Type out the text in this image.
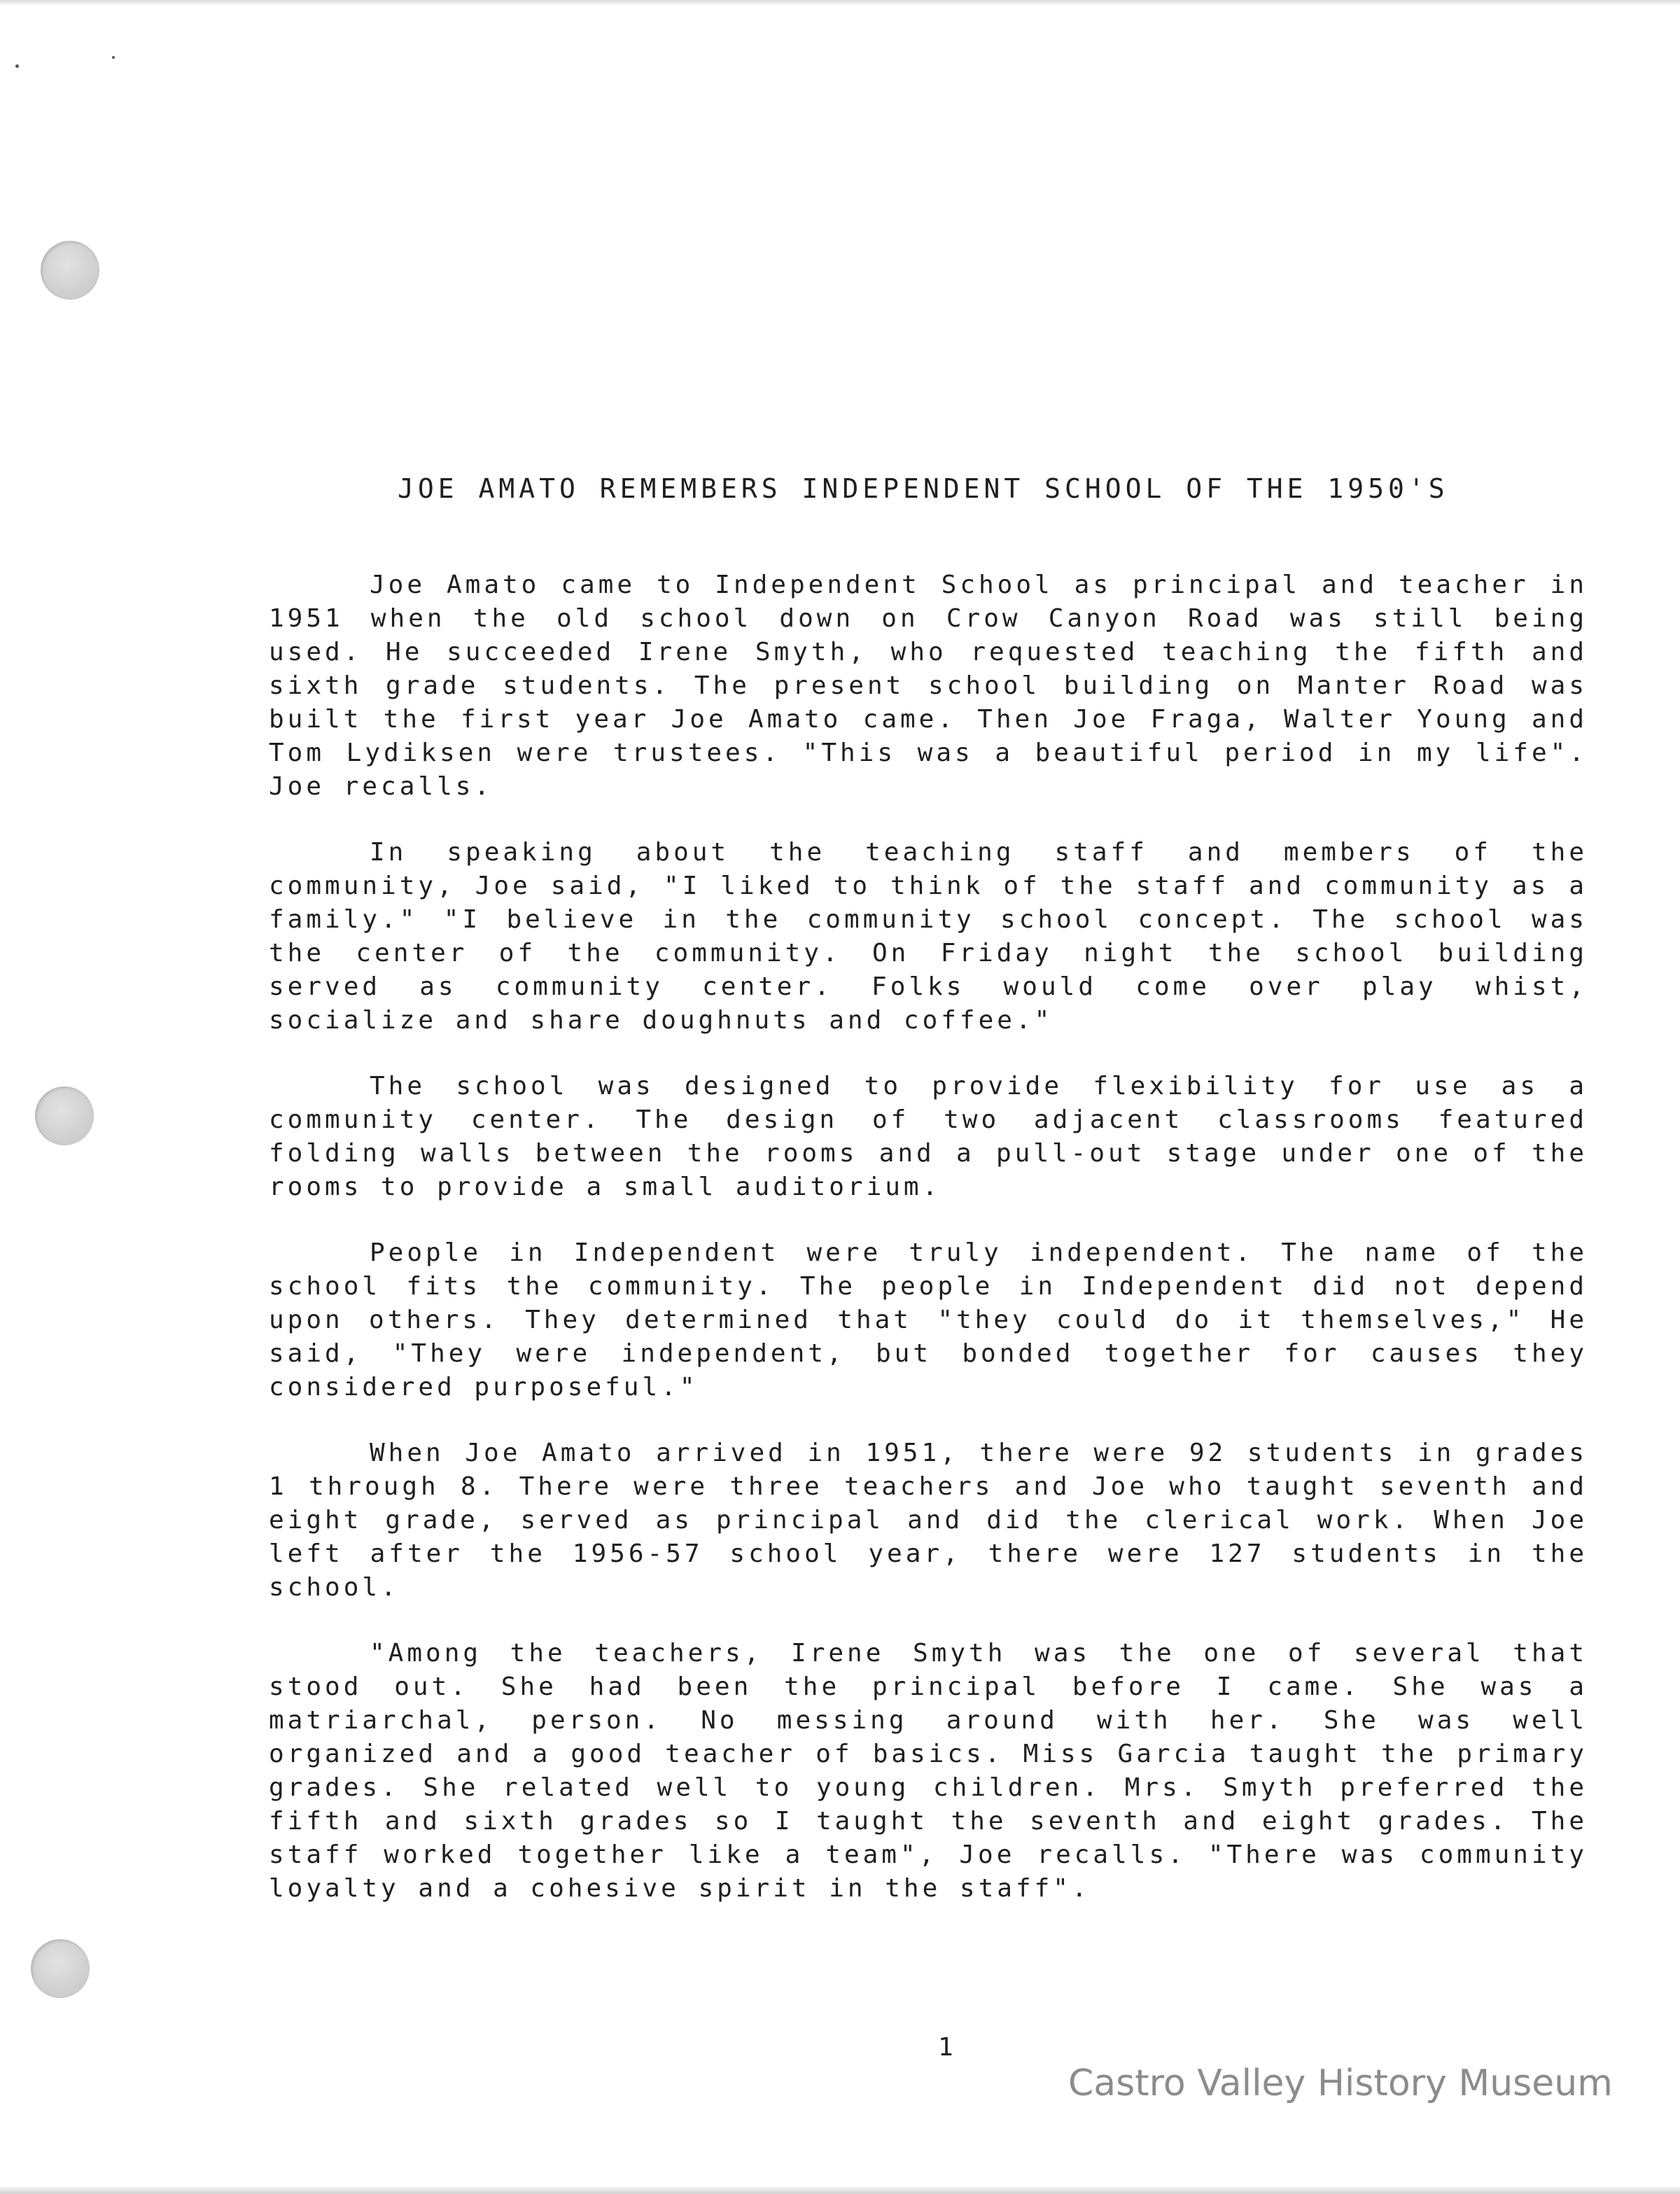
JOE AMATO REMEMBERS INDEPENDENT SCHOOL OF THE 1950'S

Joe Amato came to Independent School as principal and teacher in 1951 when the old school down on Crow Canyon Road was still being used. He succeeded Irene Smyth, who requested teaching the fifth and sixth grade students. The present school building on Manter Road was built the first year Joe Amato came. Then Joe Fraga, Walter Young and Tom Lydiksen were trustees. "This was a beautiful period in my life". Joe recalls.

In speaking about the teaching staff and members of the community, Joe said, "I liked to think of the staff and community as a family." "I believe in the community school concept. The school was the center of the community. On Friday night the school building served as community center. Folks would come over play whist, socialize and share doughnuts and coffee."

The school was designed to provide flexibility for use as a community center. The design of two adjacent classrooms featured folding walls between the rooms and a pull-out stage under one of the rooms to provide a small auditorium.

People in Independent were truly independent. The name of the school fits the community. The people in Independent did not depend upon others. They determined that "they could do it themselves," He said, "They were independent, but bonded together for causes they considered purposeful."

When Joe Amato arrived in 1951, there were 92 students in grades 1 through 8. There were three teachers and Joe who taught seventh and eight grade, served as principal and did the clerical work. When Joe left after the 1956-57 school year, there were 127 students in the school.

"Among the teachers, Irene Smyth was the one of several that stood out. She had been the principal before I came. She was a matriarchal, person. No messing around with her. She was well organized and a good teacher of basics. Miss Garcia taught the primary grades. She related well to young children. Mrs. Smyth preferred the fifth and sixth grades so I taught the seventh and eight grades. The staff worked together like a team", Joe recalls. "There was community loyalty and a cohesive spirit in the staff".

1

Castro Valley History Museum
